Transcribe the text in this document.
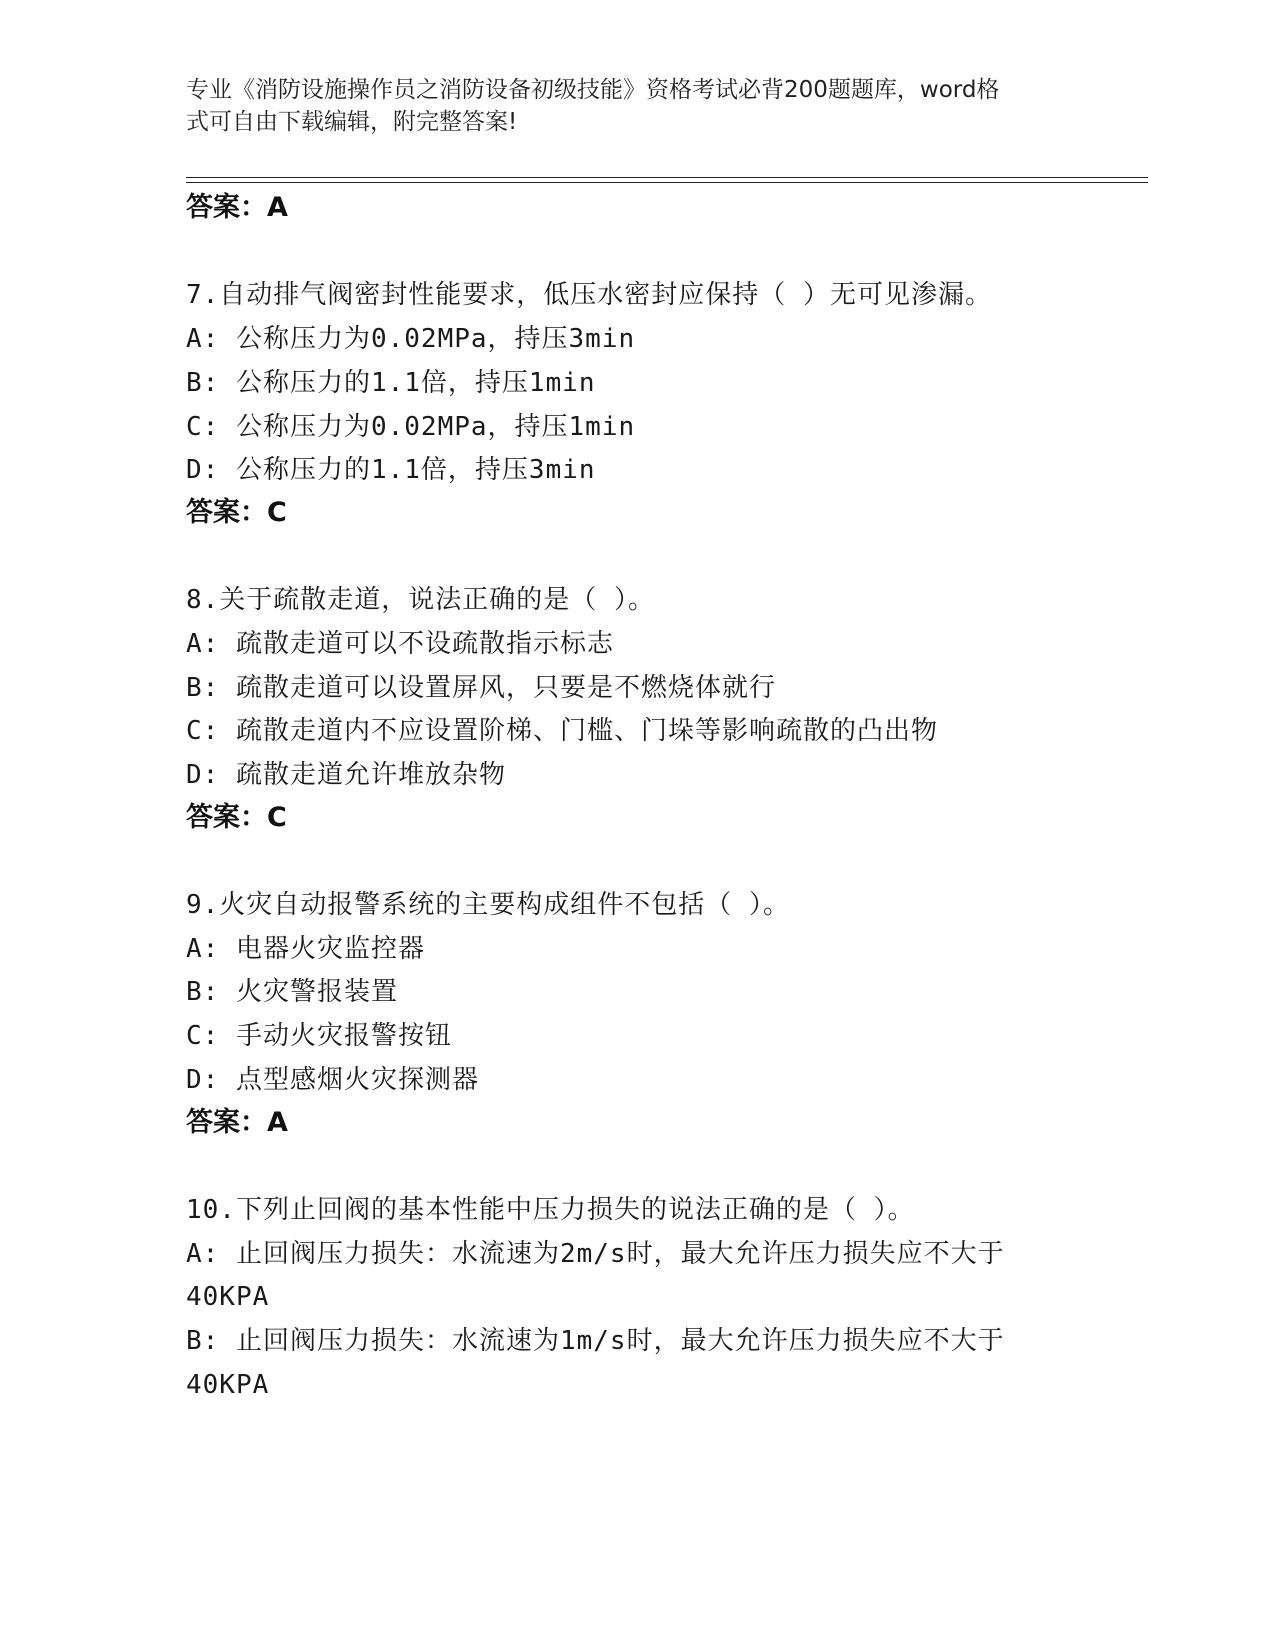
专业《消防设施操作员之消防设备初级技能》资格考试必背200题题库，word格
式可自由下载编辑，附完整答案!
答案：A
7.自动排气阀密封性能要求，低压水密封应保持（ ）无可见渗漏。
A: 公称压力为0.02MPa，持压3min
B: 公称压力的1.1倍，持压1min
C: 公称压力为0.02MPa，持压1min
D: 公称压力的1.1倍，持压3min
答案：C
8.关于疏散走道，说法正确的是（ ）。
A: 疏散走道可以不设疏散指示标志
B: 疏散走道可以设置屏风，只要是不燃烧体就行
C: 疏散走道内不应设置阶梯、门槛、门垛等影响疏散的凸出物
D: 疏散走道允许堆放杂物
答案：C
9.火灾自动报警系统的主要构成组件不包括（ ）。
A: 电器火灾监控器
B: 火灾警报装置
C: 手动火灾报警按钮
D: 点型感烟火灾探测器
答案：A
10.下列止回阀的基本性能中压力损失的说法正确的是（ ）。
A: 止回阀压力损失：水流速为2m/s时，最大允许压力损失应不大于
40KPA
B: 止回阀压力损失：水流速为1m/s时，最大允许压力损失应不大于
40KPA
